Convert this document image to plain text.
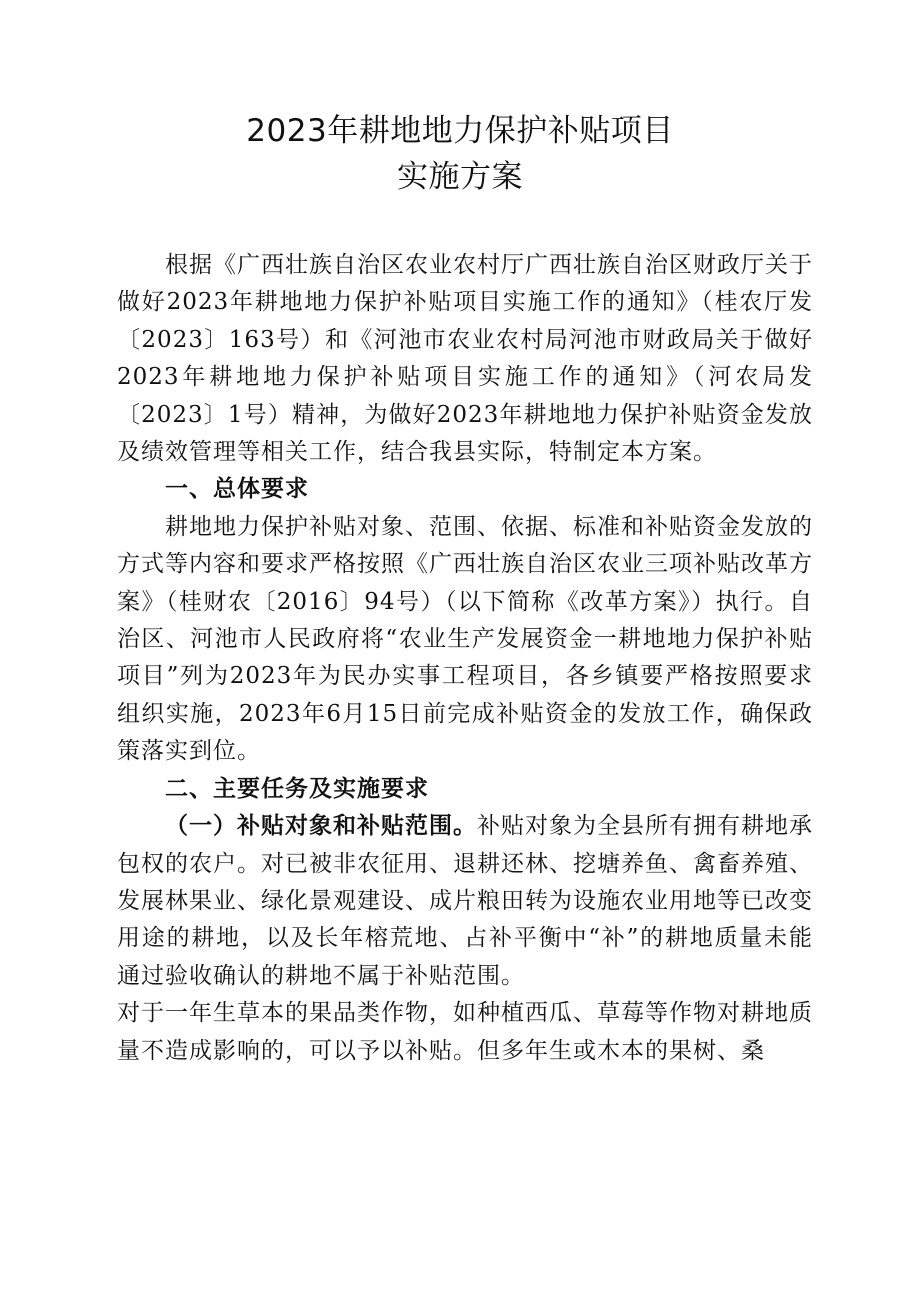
2023年耕地地力保护补贴项目
实施方案

根据《广西壮族自治区农业农村厅广西壮族自治区财政厅关于做好2023年耕地地力保护补贴项目实施工作的通知》（桂农厅发〔2023〕163号）和《河池市农业农村局河池市财政局关于做好2023年耕地地力保护补贴项目实施工作的通知》（河农局发〔2023〕1号）精神，为做好2023年耕地地力保护补贴资金发放及绩效管理等相关工作，结合我县实际，特制定本方案。

一、总体要求

耕地地力保护补贴对象、范围、依据、标准和补贴资金发放的方式等内容和要求严格按照《广西壮族自治区农业三项补贴改革方案》（桂财农〔2016〕94号）（以下简称《改革方案》）执行。自治区、河池市人民政府将“农业生产发展资金一耕地地力保护补贴项目”列为2023年为民办实事工程项目，各乡镇要严格按照要求组织实施，2023年6月15日前完成补贴资金的发放工作，确保政策落实到位。

二、主要任务及实施要求

（一）补贴对象和补贴范围。补贴对象为全县所有拥有耕地承包权的农户。对已被非农征用、退耕还林、挖塘养鱼、禽畜养殖、发展林果业、绿化景观建设、成片粮田转为设施农业用地等已改变用途的耕地，以及长年榕荒地、占补平衡中“补”的耕地质量未能通过验收确认的耕地不属于补贴范围。

对于一年生草本的果品类作物，如种植西瓜、草莓等作物对耕地质量不造成影响的，可以予以补贴。但多年生或木本的果树、桑
